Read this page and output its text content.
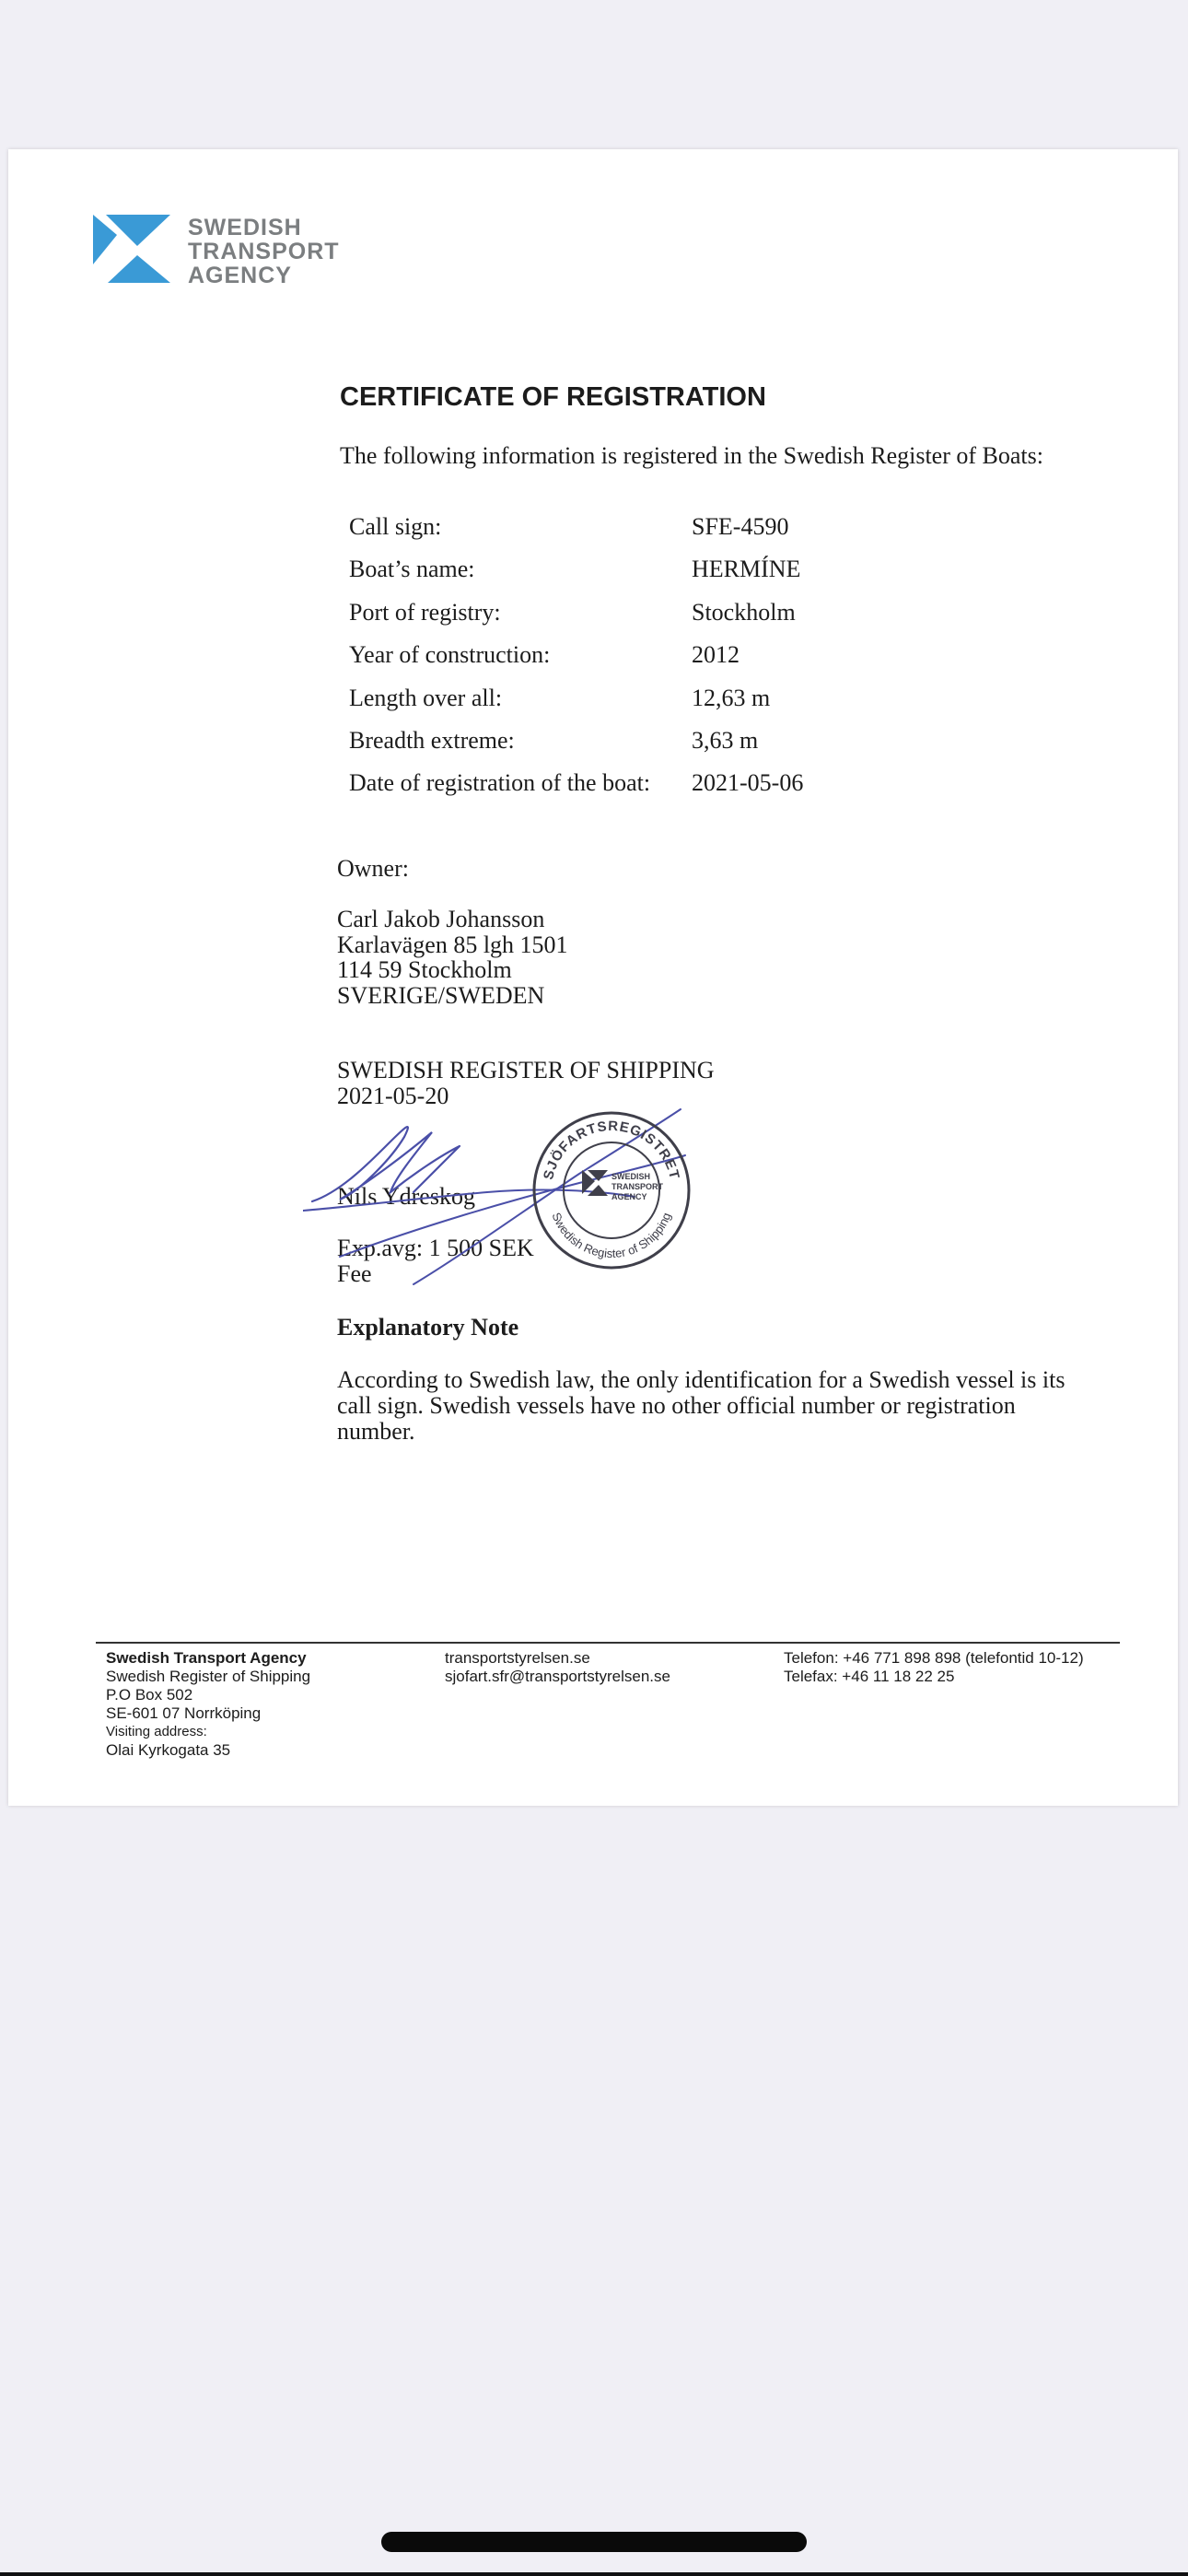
SWEDISH
TRANSPORT
AGENCY
CERTIFICATE OF REGISTRATION
The following information is registered in the Swedish Register of Boats:
Call sign:	SFE-4590
Boat’s name:	HERMÍNE
Port of registry:	Stockholm
Year of construction:	2012
Length over all:	12,63 m
Breadth extreme:	3,63 m
Date of registration of the boat: 2021-05-06
Owner:
Carl Jakob Johansson
Karlavägen 85 lgh 1501
114 59 Stockholm
SVERIGE/SWEDEN
SWEDISH REGISTER OF SHIPPING
2021-05-20
Nils Ydreskog
Exp.avg: 1 500 SEK
Fee
SJÖFARTSREGISTRET
Swedish Register of Shipping
SWEDISH
TRANSPORT
AGENCY
Explanatory Note
According to Swedish law, the only identification for a Swedish vessel is its
call sign. Swedish vessels have no other official number or registration
number.
Swedish Transport Agency
Swedish Register of Shipping
P.O Box 502
SE-601 07 Norrköping
Visiting address:
Olai Kyrkogata 35
transportstyrelsen.se
sjofart.sfr@transportstyrelsen.se
Telefon: +46 771 898 898 (telefontid 10-12)
Telefax: +46 11 18 22 25
